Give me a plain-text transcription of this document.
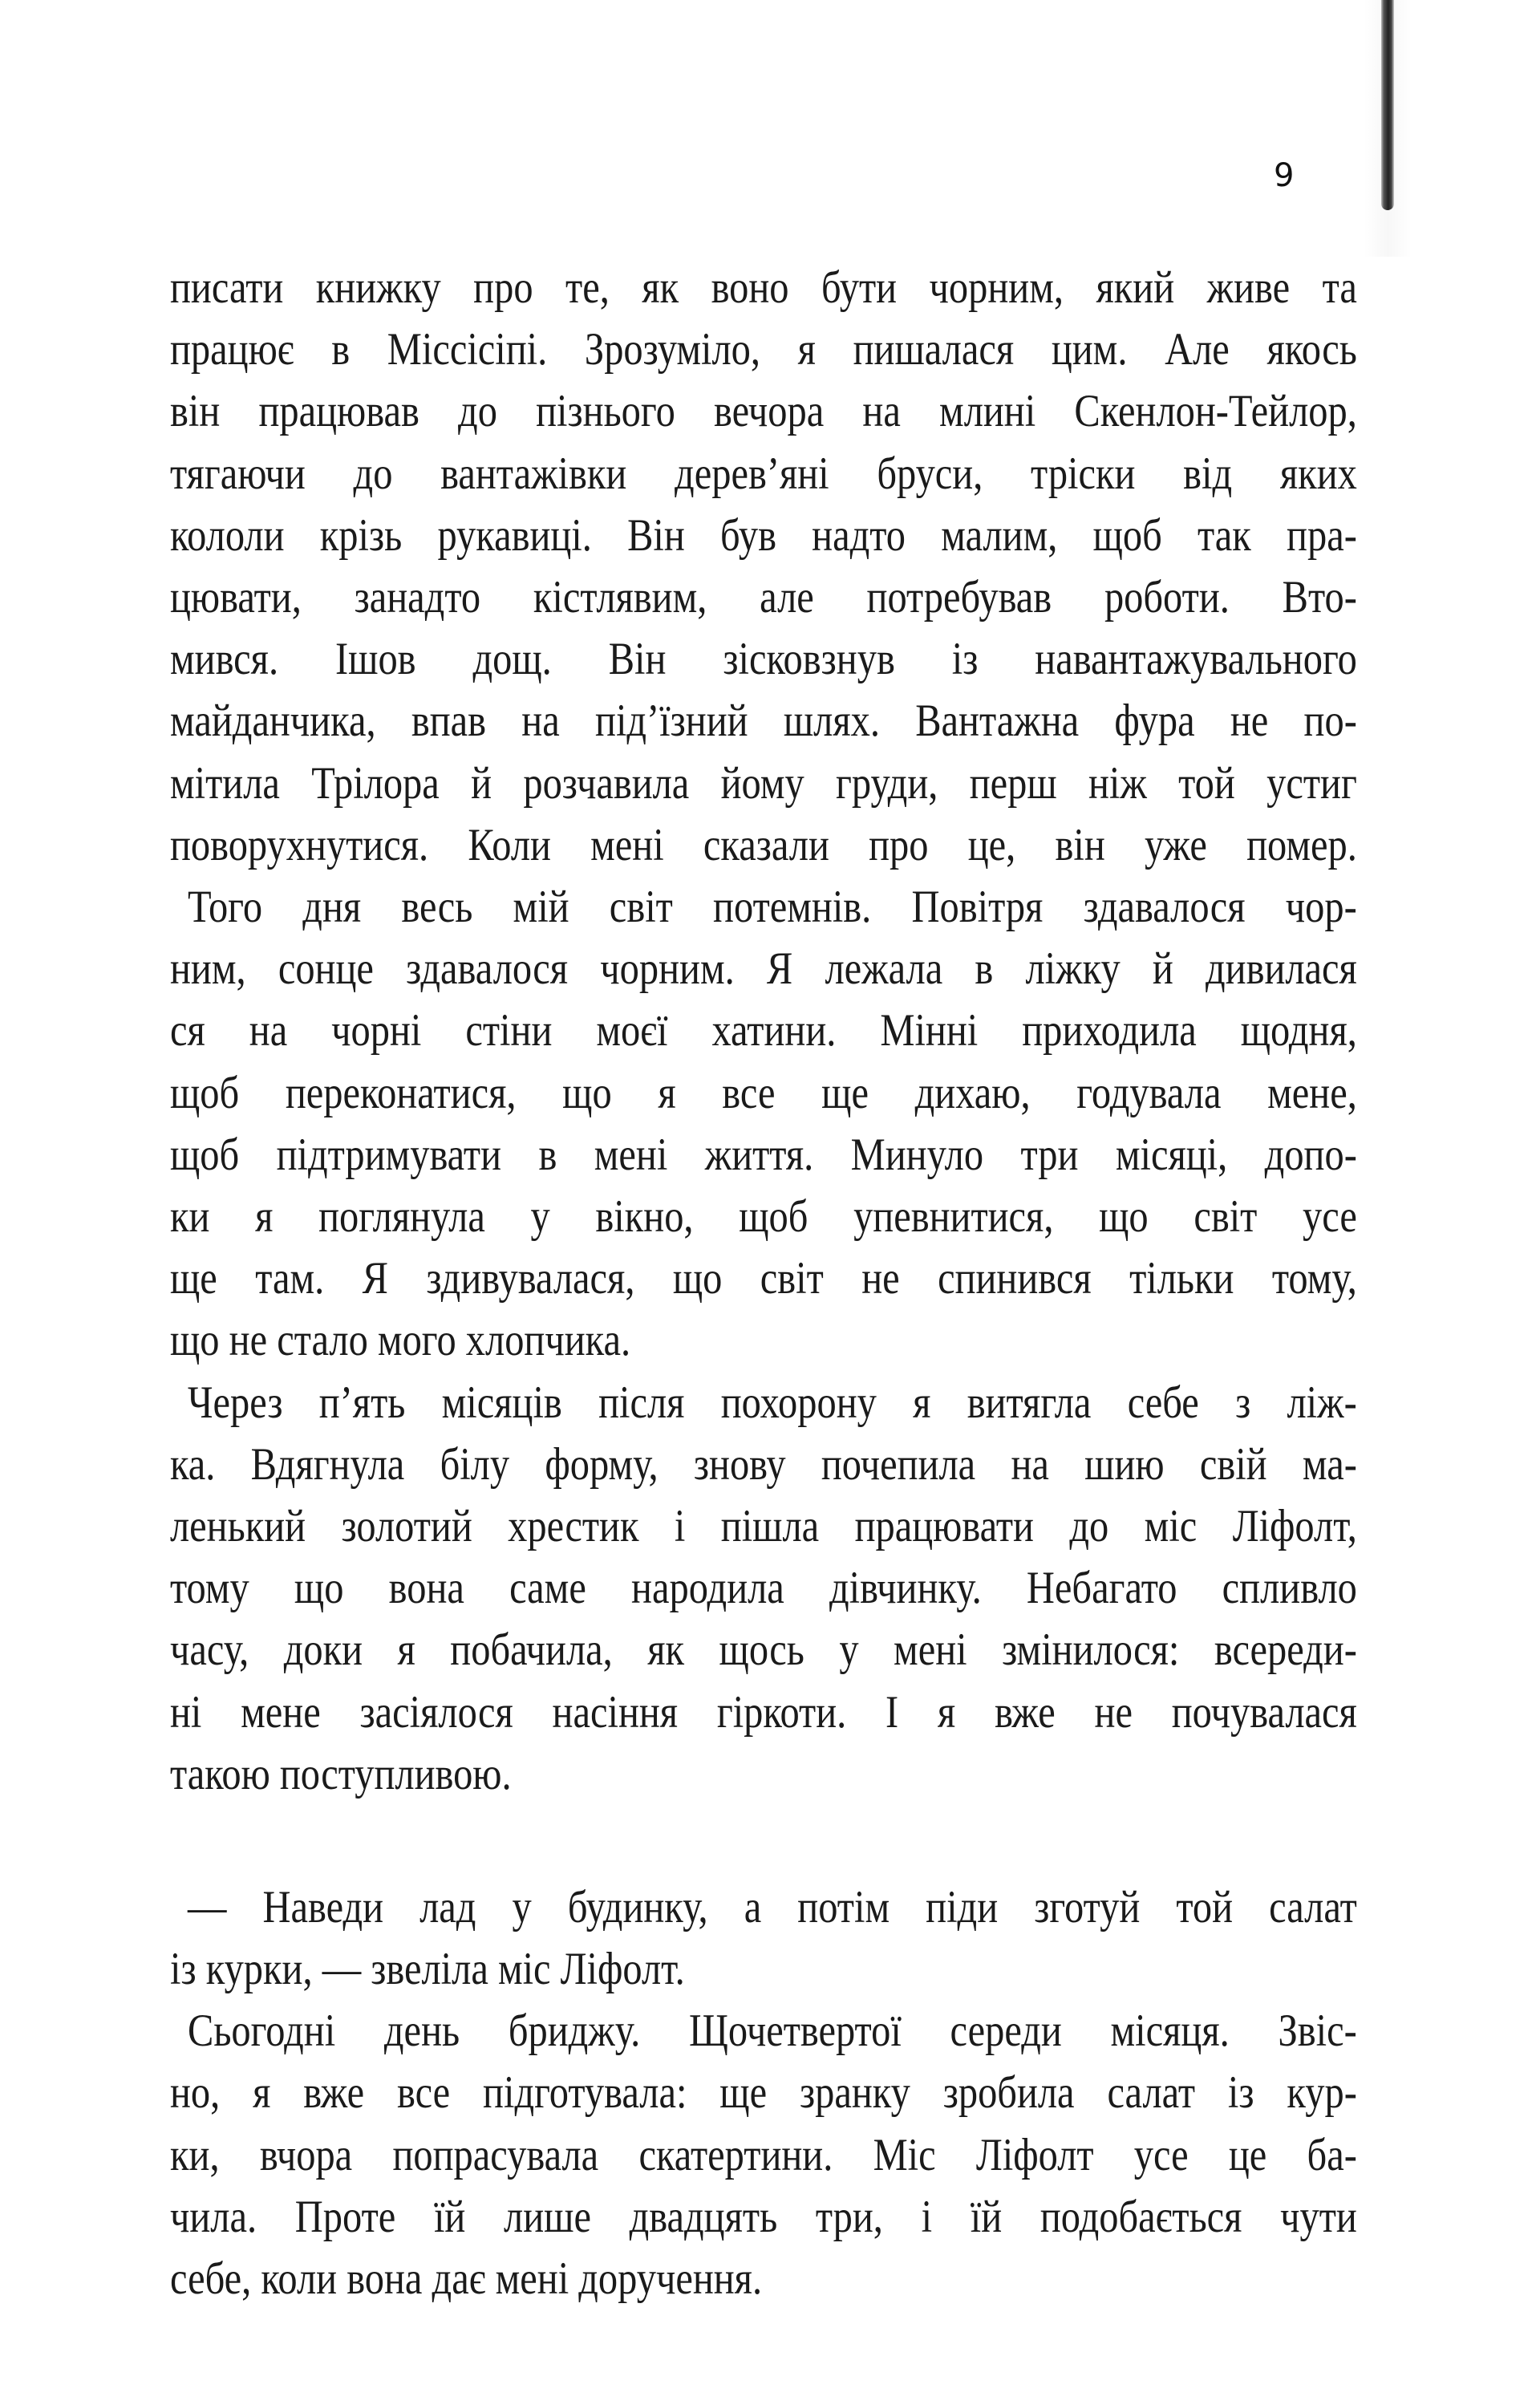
9
писати книжку про те, як воно бути чорним, який живе та
працює в Міссісіпі. Зрозуміло, я пишалася цим. Але якось
він працював до пізнього вечора на млині Скенлон-Тейлор,
тягаючи до вантажівки дерев’яні бруси, тріски від яких
кололи крізь рукавиці. Він був надто малим, щоб так пра-
цювати, занадто кістлявим, але потребував роботи. Вто-
мився. Ішов дощ. Він зісковзнув із навантажувального
майданчика, впав на під’їзний шлях. Вантажна фура не по-
мітила Трілора й розчавила йому груди, перш ніж той устиг
поворухнутися. Коли мені сказали про це, він уже помер.
Того дня весь мій світ потемнів. Повітря здавалося чор-
ним, сонце здавалося чорним. Я лежала в ліжку й дивилася
ся на чорні стіни моєї хатини. Мінні приходила щодня,
щоб переконатися, що я все ще дихаю, годувала мене,
щоб підтримувати в мені життя. Минуло три місяці, допо-
ки я поглянула у вікно, щоб упевнитися, що світ усе
ще там. Я здивувалася, що світ не спинився тільки тому,
що не стало мого хлопчика.
Через п’ять місяців після похорону я витягла себе з ліж-
ка. Вдягнула білу форму, знову почепила на шию свій ма-
ленький золотий хрестик і пішла працювати до міс Ліфолт,
тому що вона саме народила дівчинку. Небагато спливло
часу, доки я побачила, як щось у мені змінилося: всереди-
ні мене засіялося насіння гіркоти. І я вже не почувалася
такою поступливою.
— Наведи лад у будинку, а потім піди зготуй той салат
із курки, — звеліла міс Ліфолт.
Сьогодні день бриджу. Щочетвертої середи місяця. Звіс-
но, я вже все підготувала: ще зранку зробила салат із кур-
ки, вчора попрасувала скатертини. Міс Ліфолт усе це ба-
чила. Проте їй лише двадцять три, і їй подобається чути
себе, коли вона дає мені доручення.
